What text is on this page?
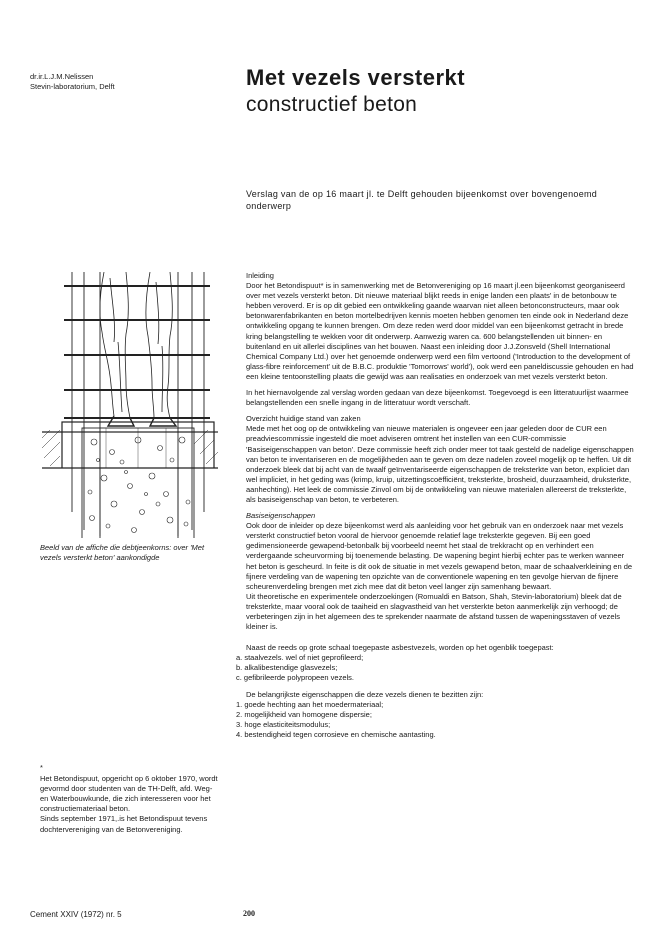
dr.ir.L.J.M.Nelissen
Stevin-laboratorium, Delft	Met vezels versterkt
constructief beton
Verslag van de op 16 maart jl. te Delft gehouden bijeenkomst over bovengenoemd onderwerp
Beeld van de affiche die debtjeenkorns: over 'Met vezels versterkt beton' aankondigde
*
Het Betondispuut, opgericht op 6 oktober 1970, wordt gevormd door studenten van de TH-Delft, afd. Weg- en Waterbouwkunde, die zich interesseren voor het constructiemateriaal beton.
Sinds september 1971,.is het Betondispuut tevens dochtervereniging van de Betonvereniging.

Inleiding

Door het Betondispuut* is in samenwerking met de Betonvereniging op 16 maart jl.een bijeenkomst georganiseerd over met vezels versterkt beton. Dit nieuwe materiaal blijkt reeds in enige landen een plaats' in de betonbouw te hebben veroverd. Er is op dit gebied een ontwikkeling gaande waarvan niet alleen betonconstructeurs, maar ook betonwarenfabrikanten en beton mortelbedrijven kennis moeten hebben genomen ten einde ook in Nederland deze ontwikkeling opgang te kunnen brengen. Om deze reden werd door middel van een bijeenkomst getracht in brede kring belangstelling te wekken voor dit onderwerp. Aanwezig waren ca. 600 belangstellenden uit binnen- en buitenland en uit allerlei disciplines van het bouwen. Naast een inleiding door J.J.Zonsveld (Shell International Chemical Company Ltd.) over het genoemde onderwerp werd een film vertoond ('Introduction to the development of glass-fibre reinforcement' uit de B.B.C. produktie 'Tomorrows' world'), ook werd een paneldiscussie gehouden en had een kleine tentoonstelling plaats die gewijd was aan realisaties en onderzoek van met vezels versterkt beton.

In het hiernavolgende zal verslag worden gedaan van deze bijeenkomst. Toegevoegd is een litteratuurlijst waarmee belangstellenden een snelle ingang in de litteratuur wordt verschaft.

Overzicht huidige stand van zaken

Mede met het oog op de ontwikkeling van nieuwe materialen is ongeveer een jaar geleden door de CUR een preadviescommissie ingesteld die moet adviseren omtrent het instellen van een CUR-commissie 'Basiseigenschappen van beton'. Deze commissie heeft zich onder meer tot taak gesteld de nadelige eigenschappen van beton te inventariseren en de mogelijkheden aan te geven om deze nadelen zoveel mogelijk op te heffen. Uit dit onderzoek bleek dat bij acht van de twaalf geïnventariseerde eigenschappen de treksterkte van beton, expliciet dan wel impliciet, in het geding was (krimp, kruip, uitzettingscoëfficiënt, treksterkte, brosheid, duurzaamheid, druksterkte, aanhechting). Het leek de commissie Zinvol om bij de ontwikkeling van nieuwe materialen allereerst de treksterkte, als basiseigenschap van beton, te verbeteren.

Basiseigenschappen

Ook door de inleider op deze bijeenkomst werd als aanleiding voor het gebruik van en onderzoek naar met vezels versterkt constructief beton vooral de hiervoor genoemde relatief lage treksterkte gegeven. Bij een goed gedimensioneerde gewapend-betonbalk bij voorbeeld neemt het staal de trekkracht op en verhindert een verdergaande scheurvorming bij toenemende belasting. De wapening begint hierbij echter pas te werken wanneer het beton is gescheurd. In feite is dit ook de situatie in met vezels gewapend beton, maar de schaalverkleining en de fijnere verdeling van de wapening ten opzichte van de conventionele wapening en ten gevolge hiervan de fijnere scheurenverdeling brengen met zich mee dat dit beton veel langer zijn samenhang bewaart.

Uit theoretische en experimentele onderzoekingen (Romualdi en Batson, Shah, Stevin-laboratorium) bleek dat de treksterkte, maar vooral ook de taaiheid en slagvastheid van het versterkte beton aanmerkelijk zijn verhoogd; de verbeteringen zijn in het algemeen des te sprekender naarmate de afstand tussen de wapeningsstaven of vezels kleiner is.

Naast de reeds op grote schaal toegepaste asbestvezels, worden op het ogenblik toegepast:

a. staalvezels. wel of niet geprofileerd;
b. alkalibestendige glasvezels;
c. gefibrileerde polypropeen vezels.

De belangrijkste eigenschappen die deze vezels dienen te bezitten zijn:

1. goede hechting aan het moedermateriaal;
2. mogelijkheid van homogene dispersie;
3. hoge elasticiteitsmodulus;
4. bestendigheid tegen corrosieve en chemische aantasting.
Cement XXIV (1972) nr. 5	200
